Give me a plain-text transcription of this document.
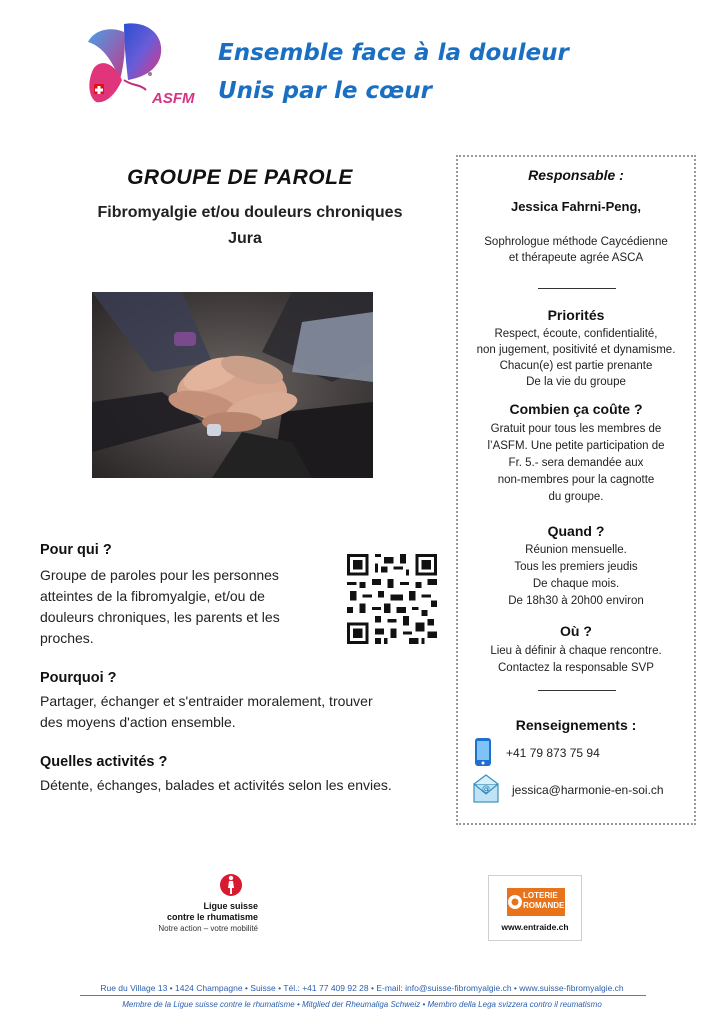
ASFM
Ensemble face à la douleur
Unis par le cœur
GROUPE DE PAROLE
Fibromyalgie et/ou douleurs chroniques
Jura
Pour qui ?
Groupe de paroles pour les personnes
atteintes de la fibromyalgie, et/ou de
douleurs chroniques, les parents et les
proches.
Pourquoi ?
Partager, échanger et s'entraider moralement, trouver
des moyens d'action ensemble.
Quelles activités ?
Détente, échanges, balades et activités selon les envies.
Responsable :
Jessica Fahrni-Peng,
Sophrologue méthode Caycédienne
et thérapeute agrée ASCA
Priorités
Respect, écoute, confidentialité,
non jugement, positivité et dynamisme.
Chacun(e) est partie prenante
De la vie du groupe
Combien ça coûte ?
Gratuit pour tous les membres de
l’ASFM. Une petite participation de
Fr. 5.- sera demandée aux
non-membres pour la cagnotte
du groupe.
Quand ?
Réunion mensuelle.
Tous les premiers jeudis
De chaque mois.
De 18h30 à 20h00 environ
Où ?
Lieu à définir à chaque rencontre.
Contactez la responsable SVP
Renseignements :
+41 79 873 75 94
@ jessica@harmonie-en-soi.ch
Ligue suisse
contre le rhumatisme
Notre action – votre mobilité
LOTERIE
ROMANDE
www.entraide.ch
Rue du Village 13 • 1424 Champagne • Suisse • Tél.: +41 77 409 92 28 • E-mail: info@suisse-fibromyalgie.ch • www.suisse-fibromyalgie.ch
Membre de la Ligue suisse contre le rhumatisme • Mitglied der Rheumaliga Schweiz • Membro della Lega svizzera contro il reumatismo
